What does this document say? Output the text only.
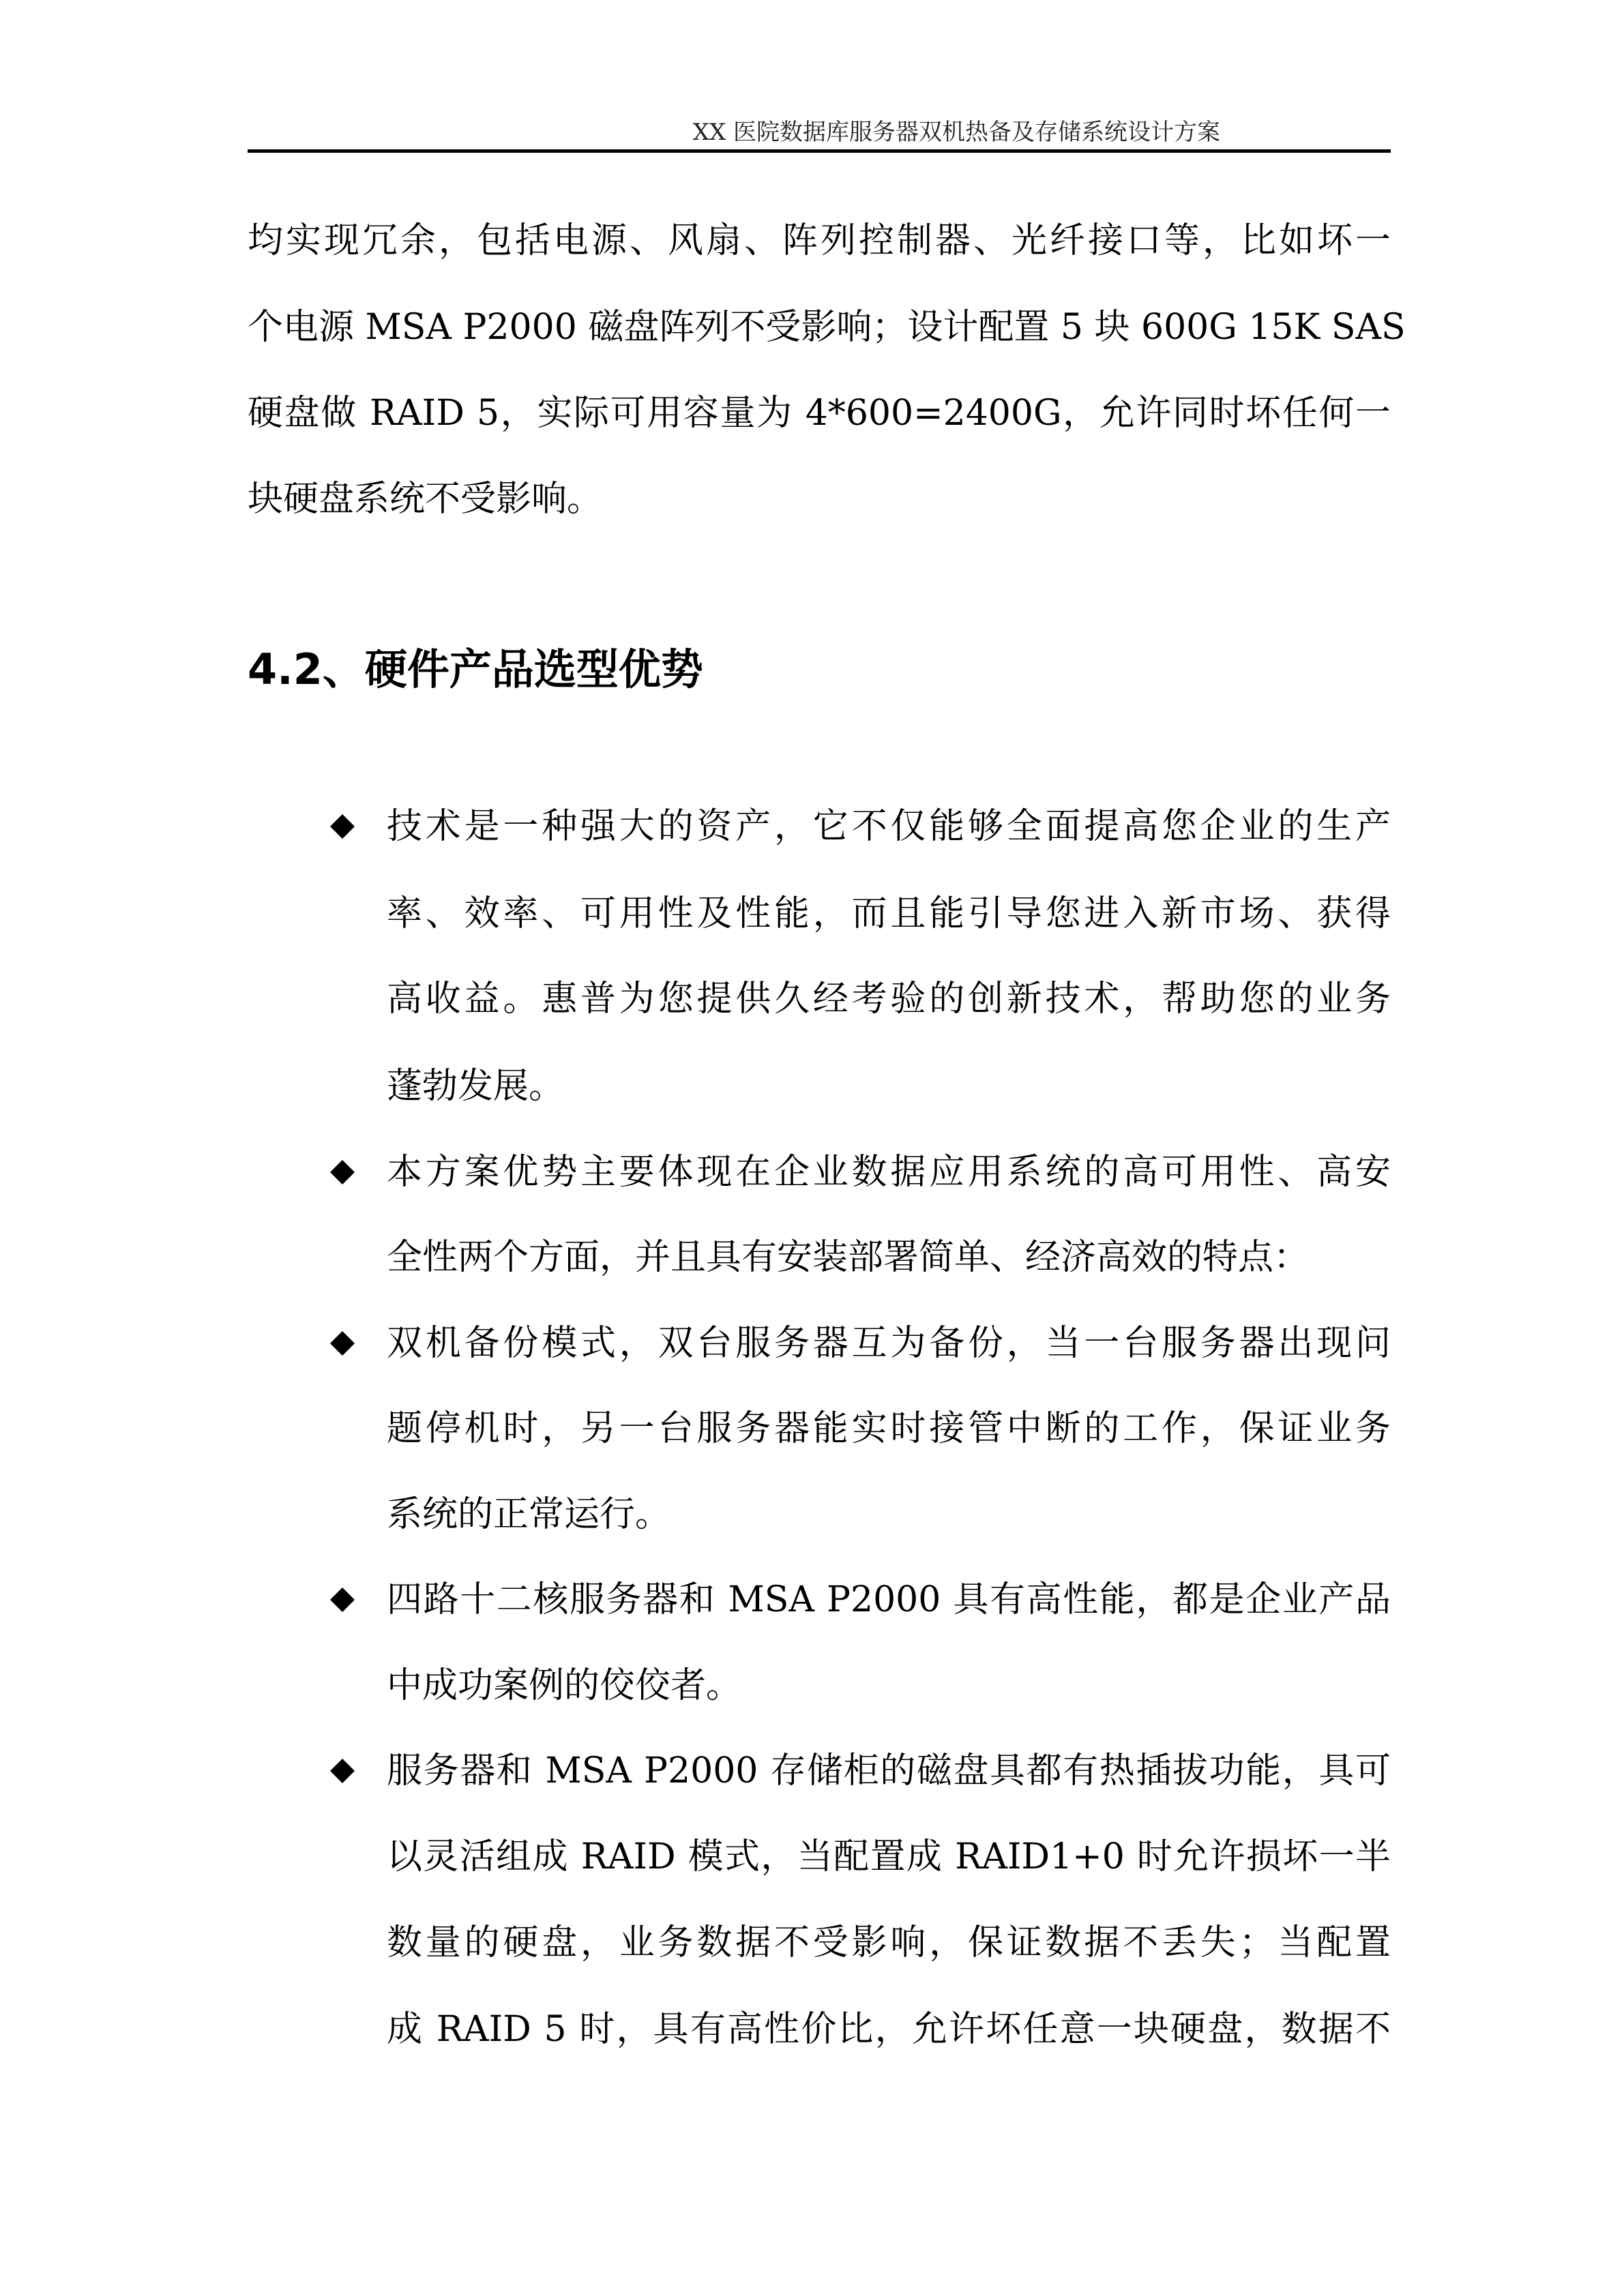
XX 医院数据库服务器双机热备及存储系统设计方案
均实现冗余，包括电源、风扇、阵列控制器、光纤接口等，比如坏一
个电源 MSA P2000 磁盘阵列不受影响；设计配置 5 块 600G 15K SAS
硬盘做 RAID 5，实际可用容量为 4*600=2400G，允许同时坏任何一
块硬盘系统不受影响。
4.2、硬件产品选型优势
技术是一种强大的资产，它不仅能够全面提高您企业的生产
率、效率、可用性及性能，而且能引导您进入新市场、获得
高收益。惠普为您提供久经考验的创新技术，帮助您的业务
蓬勃发展。
本方案优势主要体现在企业数据应用系统的高可用性、高安
全性两个方面，并且具有安装部署简单、经济高效的特点：
双机备份模式，双台服务器互为备份，当一台服务器出现问
题停机时，另一台服务器能实时接管中断的工作，保证业务
系统的正常运行。
四路十二核服务器和 MSA P2000 具有高性能，都是企业产品
中成功案例的佼佼者。
服务器和 MSA P2000 存储柜的磁盘具都有热插拔功能，具可
以灵活组成 RAID 模式，当配置成 RAID1+0 时允许损坏一半
数量的硬盘，业务数据不受影响，保证数据不丢失；当配置
成 RAID 5 时，具有高性价比，允许坏任意一块硬盘，数据不
